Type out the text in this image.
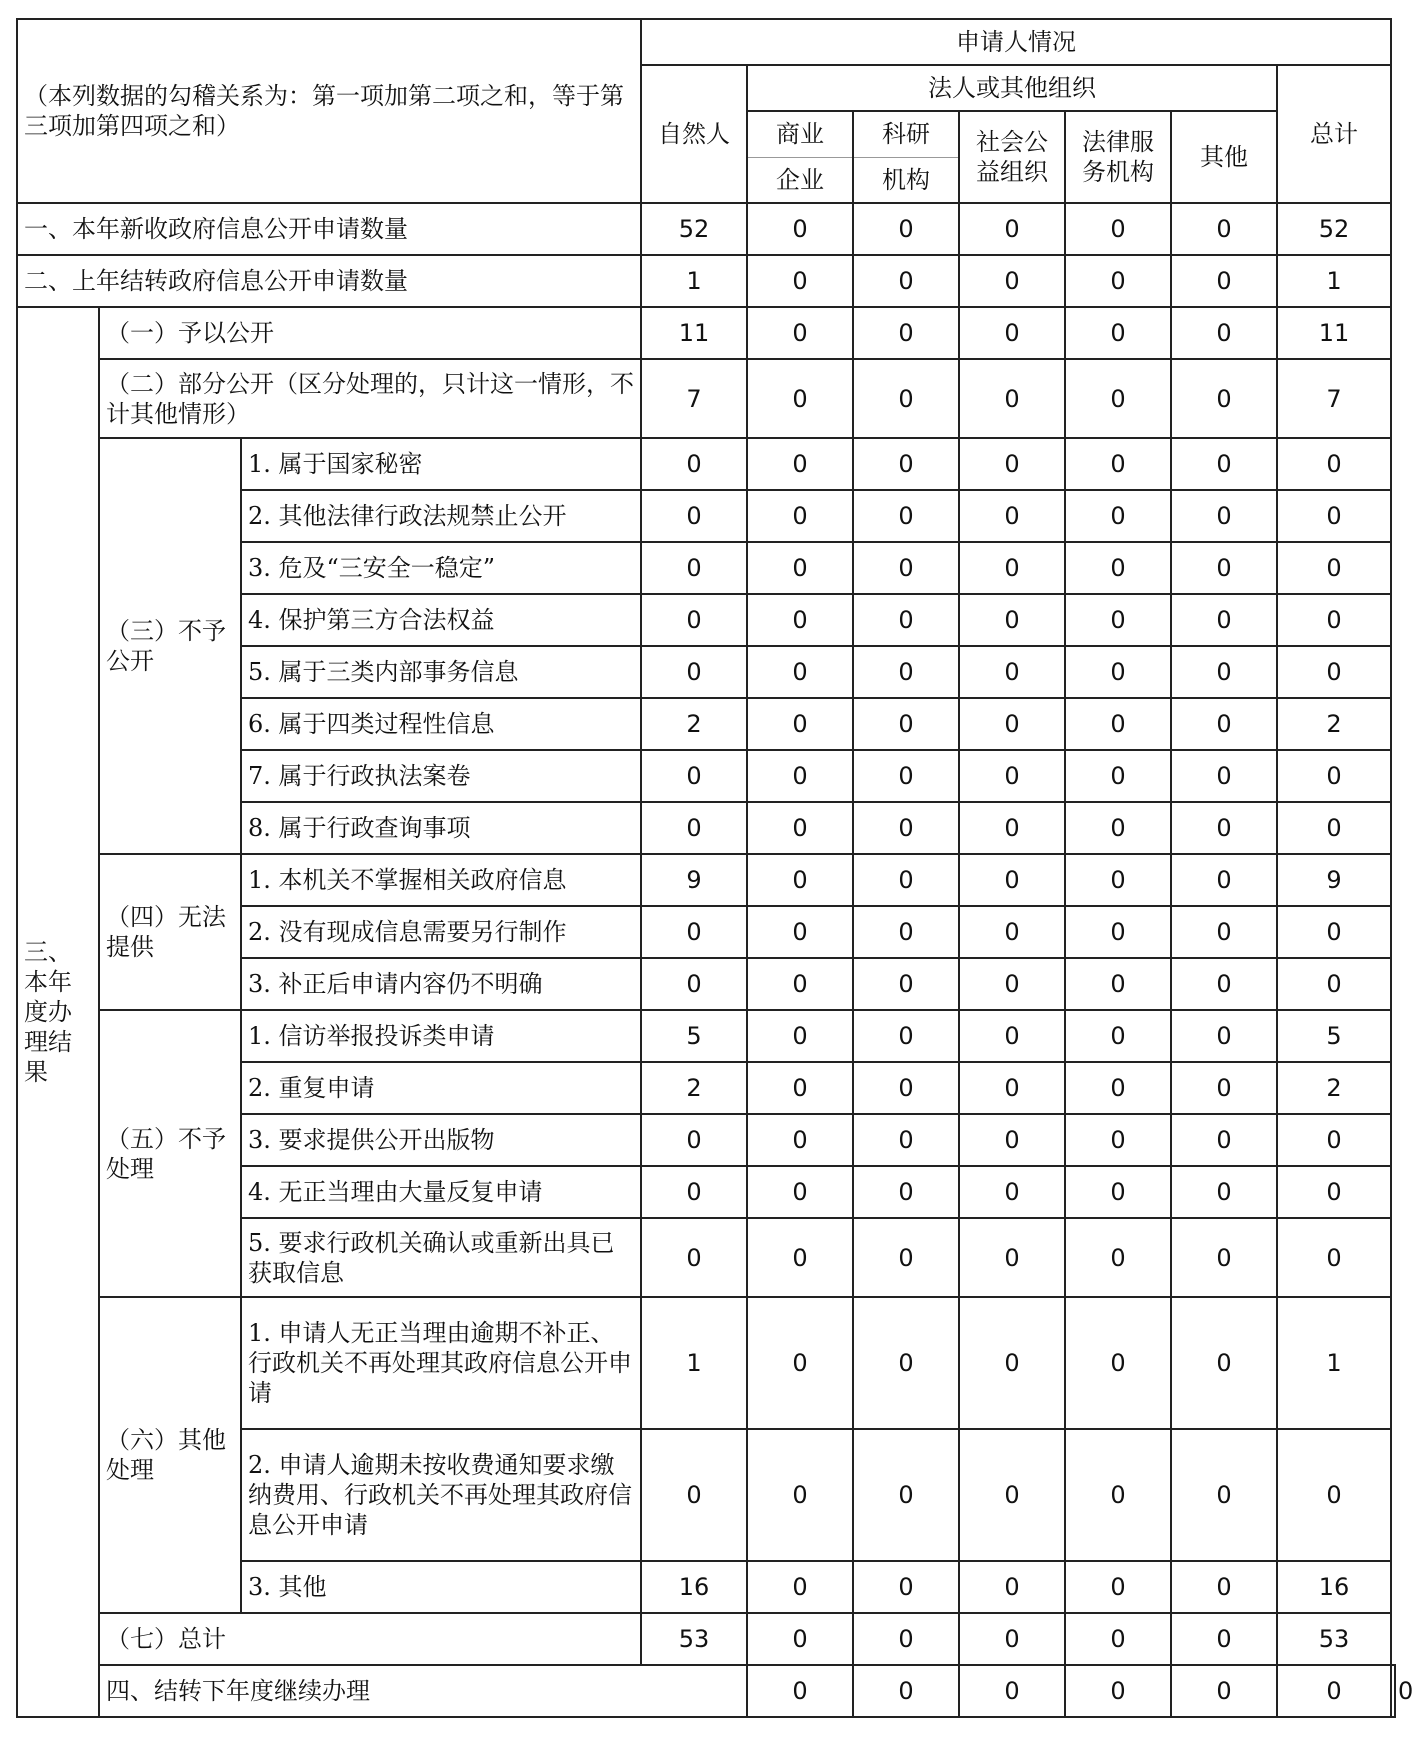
（本列数据的勾稽关系为：第一项加第二项之和，等于第三项加第四项之和）			申请人情况							
			自然人	法人或其他组织					总计	
				商业	科研	社会公益组织	法律服务机构	其他		
				企业	机构					
一、本年新收政府信息公开申请数量			52	0	0	0	0	0	52	
二、上年结转政府信息公开申请数量			1	0	0	0	0	0	1	
三、本年度办理结果	（一）予以公开		11	0	0	0	0	0	11	
	（二）部分公开（区分处理的，只计这一情形，不计其他情形）		7	0	0	0	0	0	7	
	（三）不予公开	1. 属于国家秘密	0	0	0	0	0	0	0	
		2. 其他法律行政法规禁止公开	0	0	0	0	0	0	0	
		3. 危及“三安全一稳定”	0	0	0	0	0	0	0	
		4. 保护第三方合法权益	0	0	0	0	0	0	0	
		5. 属于三类内部事务信息	0	0	0	0	0	0	0	
		6. 属于四类过程性信息	2	0	0	0	0	0	2	
		7. 属于行政执法案卷	0	0	0	0	0	0	0	
		8. 属于行政查询事项	0	0	0	0	0	0	0	
	（四）无法提供	1. 本机关不掌握相关政府信息	9	0	0	0	0	0	9	
		2. 没有现成信息需要另行制作	0	0	0	0	0	0	0	
		3. 补正后申请内容仍不明确	0	0	0	0	0	0	0	
	（五）不予处理	1. 信访举报投诉类申请	5	0	0	0	0	0	5	
		2. 重复申请	2	0	0	0	0	0	2	
		3. 要求提供公开出版物	0	0	0	0	0	0	0	
		4. 无正当理由大量反复申请	0	0	0	0	0	0	0	
		5. 要求行政机关确认或重新出具已获取信息	0	0	0	0	0	0	0	
	（六）其他处理	1. 申请人无正当理由逾期不补正、行政机关不再处理其政府信息公开申请	1	0	0	0	0	0	1	
		2. 申请人逾期未按收费通知要求缴纳费用、行政机关不再处理其政府信息公开申请	0	0	0	0	0	0	0	
		3. 其他	16	0	0	0	0	0	16	
	（七）总计		53	0	0	0	0	0	53	
	四、结转下年度继续办理			0	0	0	0	0	0	0
